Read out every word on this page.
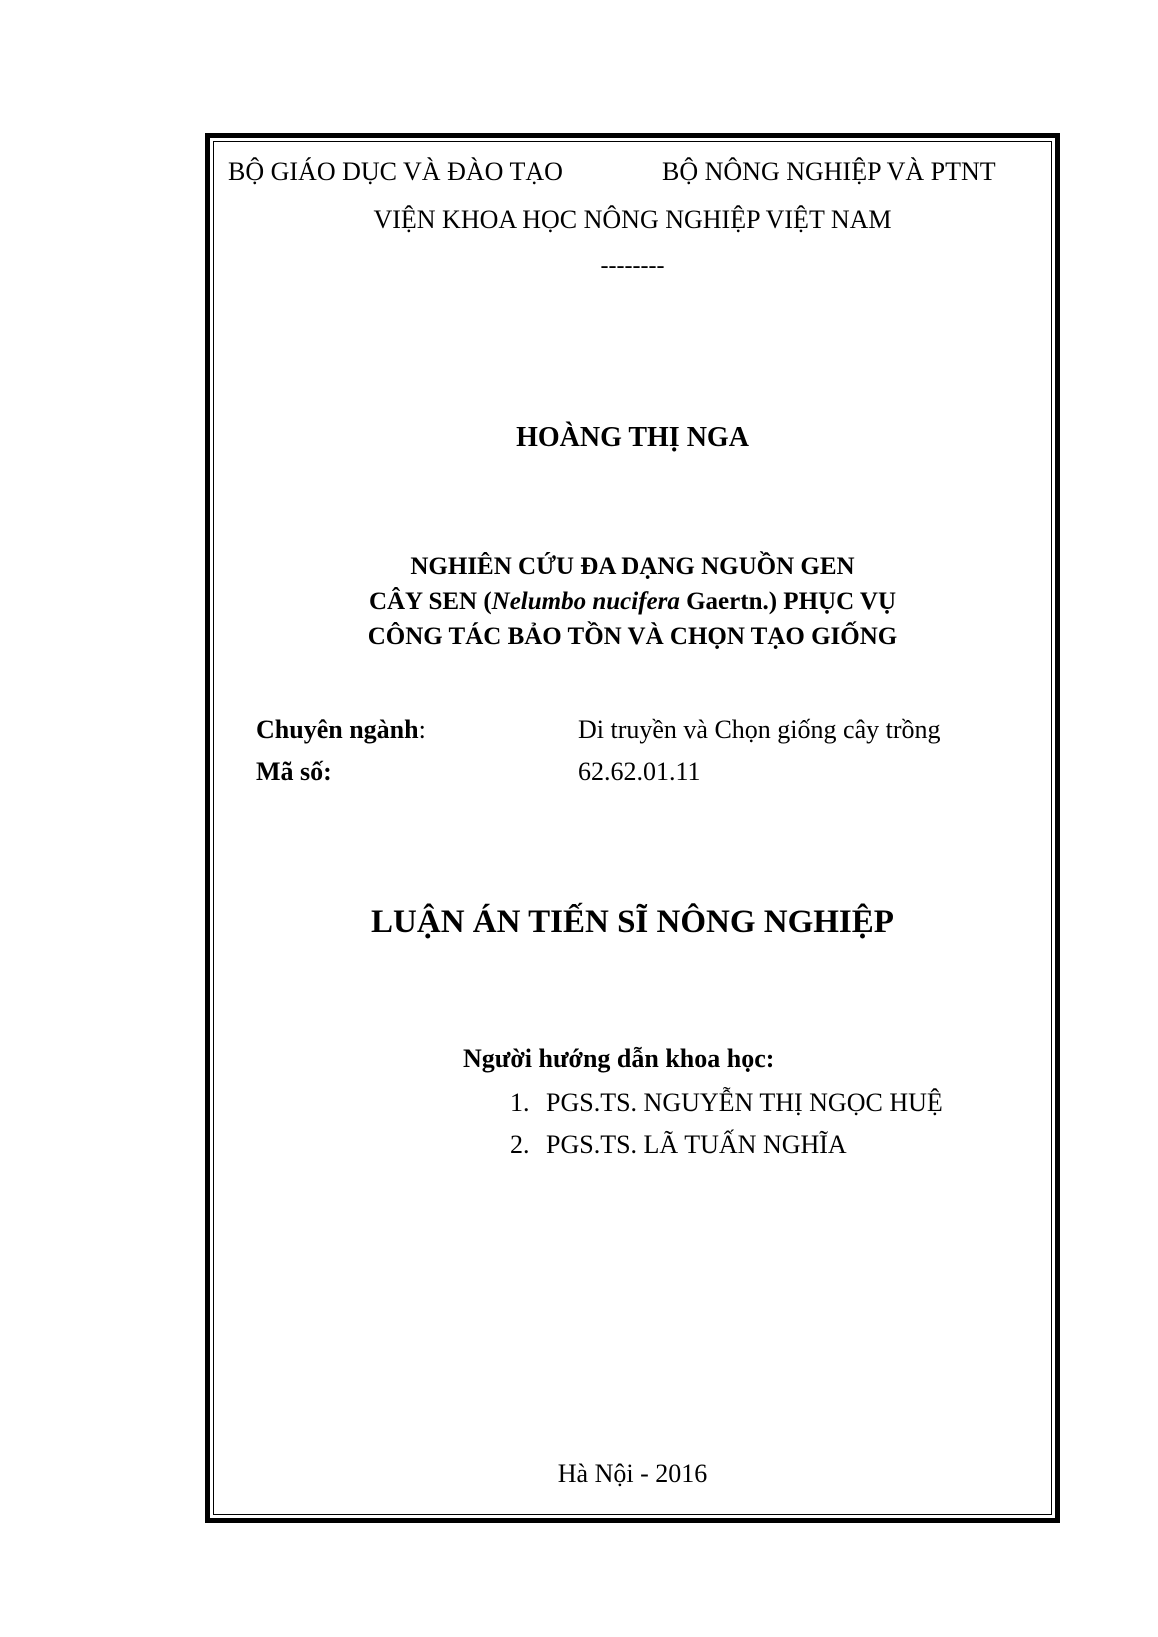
BỘ GIÁO DỤC VÀ ĐÀO TẠO	BỘ NÔNG NGHIỆP VÀ PTNT
VIỆN KHOA HỌC NÔNG NGHIỆP VIỆT NAM
--------
HOÀNG THỊ NGA
NGHIÊN CỨU ĐA DẠNG NGUỒN GEN
CÂY SEN (Nelumbo nucifera Gaertn.) PHỤC VỤ
CÔNG TÁC BẢO TỒN VÀ CHỌN TẠO GIỐNG
Chuyên ngành:	Di truyền và Chọn giống cây trồng
Mã số:	62.62.01.11
LUẬN ÁN TIẾN SĨ NÔNG NGHIỆP
Người hướng dẫn khoa học:
1. PGS.TS. NGUYỄN THỊ NGỌC HUỆ
2. PGS.TS. LÃ TUẤN NGHĨA
Hà Nội - 2016
